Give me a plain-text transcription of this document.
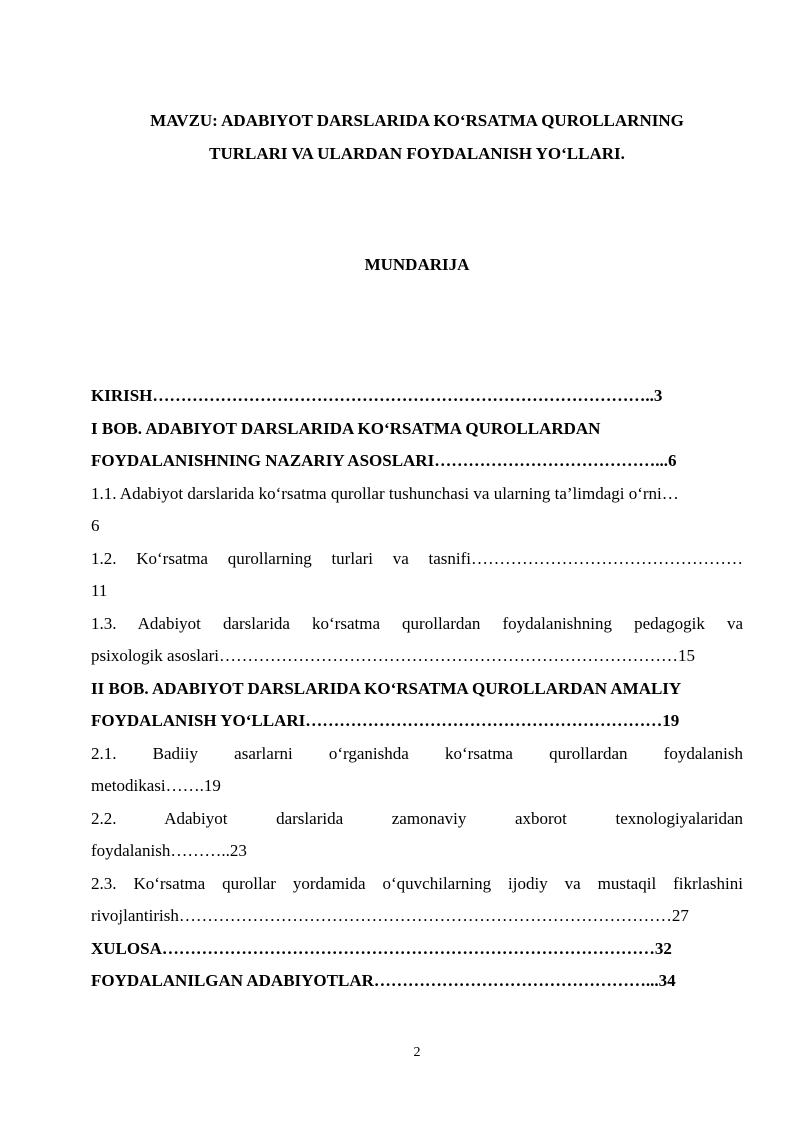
MAVZU: ADABIYOT DARSLARIDA KO‘RSATMA QUROLLARNING
TURLARI VA ULARDAN FOYDALANISH YO‘LLARI.
MUNDARIJA
KIRISH……………………………………………………………………………..3
I BOB. ADABIYOT DARSLARIDA KO‘RSATMA QUROLLARDAN
FOYDALANISHNING NAZARIY ASOSLARI…………………………………...6
1.1. Adabiyot darslarida ko‘rsatma qurollar tushunchasi va ularning ta’limdagi o‘rni…
6
1.2. Ko‘rsatma qurollarning turlari va tasnifi…………………………………………
11
1.3. Adabiyot darslarida ko‘rsatma qurollardan foydalanishning pedagogik va
psixologik asoslari………………………………………………………………………15
II BOB. ADABIYOT DARSLARIDA KO‘RSATMA QUROLLARDAN AMALIY
FOYDALANISH YO‘LLARI………………………………………………………19
2.1. Badiiy asarlarni o‘rganishda ko‘rsatma qurollardan foydalanish
metodikasi…….19
2.2. Adabiyot darslarida zamonaviy axborot texnologiyalaridan
foydalanish………..23
2.3. Ko‘rsatma qurollar yordamida o‘quvchilarning ijodiy va mustaqil fikrlashini
rivojlantirish……………………………………………………………………………27
XULOSA……………………………………………………………………………32
FOYDALANILGAN ADABIYOTLAR…………………………………………...34
2
